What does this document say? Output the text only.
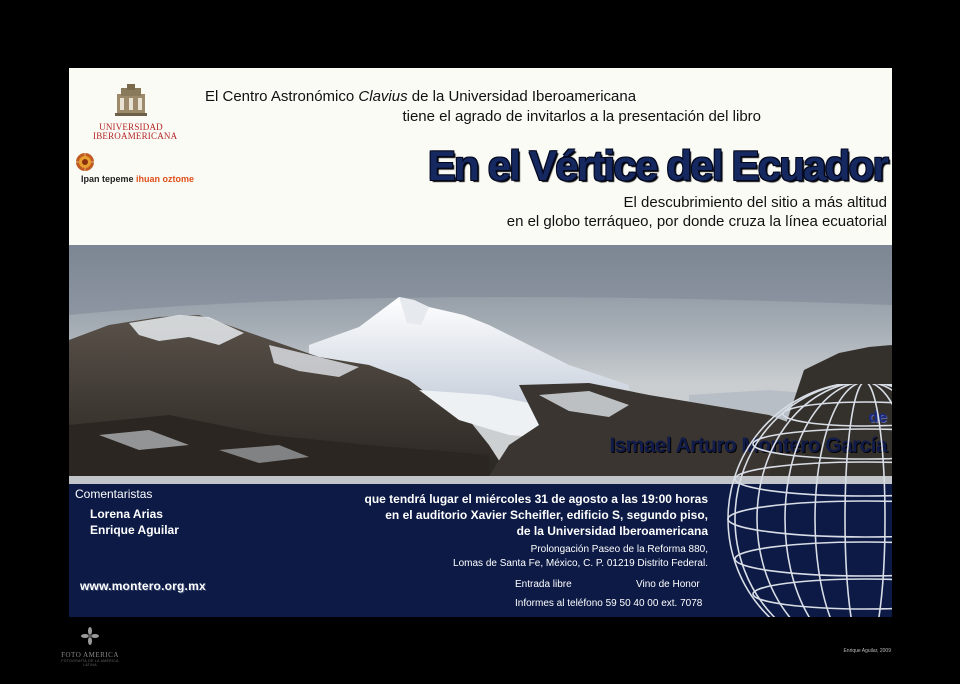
UNIVERSIDAD
IBEROAMERICANA
Ipan tepeme ihuan oztome
El Centro Astronómico Clavius de la Universidad Iberoamericana
tiene el agrado de invitarlos a la presentación del libro
En el Vértice del Ecuador
El descubrimiento del sitio a más altitud
en el globo terráqueo, por donde cruza la línea ecuatorial
de
Ismael Arturo Montero García
Comentaristas
Lorena Arias
Enrique Aguilar
www.montero.org.mx
que tendrá lugar el miércoles 31 de agosto a las 19:00 horas
en el auditorio Xavier Scheifler, edificio S, segundo piso,
de la Universidad Iberoamericana
Prolongación Paseo de la Reforma 880,
Lomas de Santa Fe, México, C. P. 01219 Distrito Federal.
Entrada libre	Vino de Honor
Informes al teléfono 59 50 40 00 ext. 7078
FOTO AMERICA
FOTOGRAFÍA DE LA AMÉRICA LATINA
Enrique Aguilar, 2009
